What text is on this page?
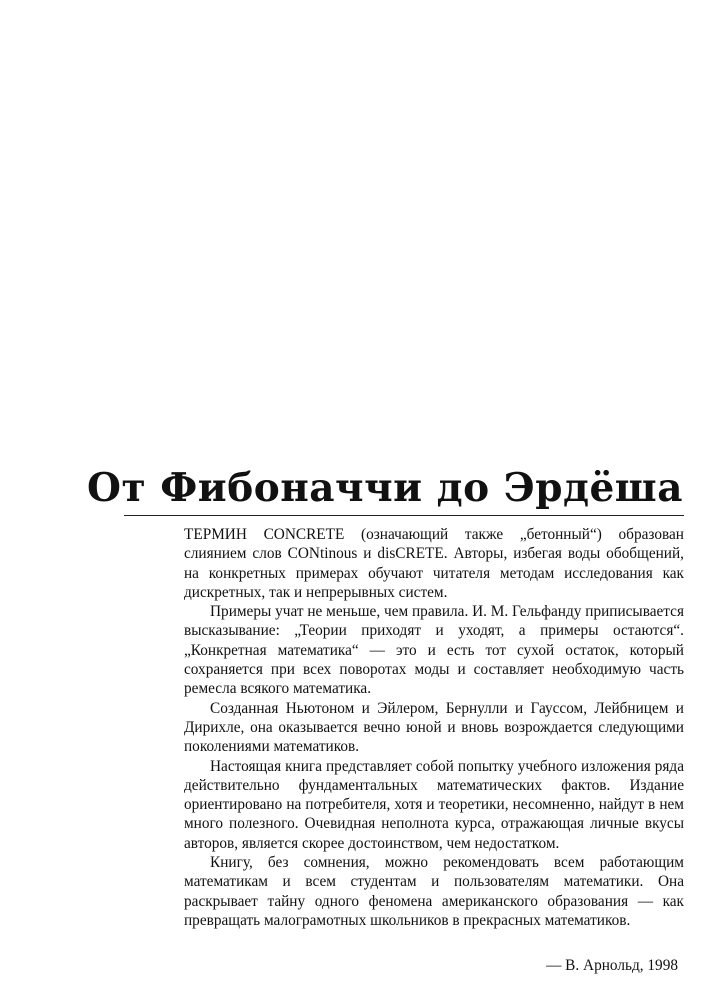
От Фибоначчи до Эрдёша

ТЕРМИН CONCRETE (означающий также „бетонный“) образован слиянием слов CONtinous и disCRETE. Авторы, избегая воды обобщений, на конкретных примерах обучают читателя методам исследования как дискретных, так и непрерывных систем.

Примеры учат не меньше, чем правила. И. М. Гельфанду приписывается высказывание: „Теории приходят и уходят, а примеры остаются“. „Конкретная математика“ — это и есть тот сухой остаток, который сохраняется при всех поворотах моды и составляет необходимую часть ремесла всякого математика.

Созданная Ньютоном и Эйлером, Бернулли и Гауссом, Лейбницем и Дирихле, она оказывается вечно юной и вновь возрождается следующими поколениями математиков.

Настоящая книга представляет собой попытку учебного изложения ряда действительно фундаментальных математических фактов. Издание ориентировано на потребителя, хотя и теоретики, несомненно, найдут в нем много полезного. Очевидная неполнота курса, отражающая личные вкусы авторов, является скорее достоинством, чем недостатком.

Книгу, без сомнения, можно рекомендовать всем работающим математикам и всем студентам и пользователям математики. Она раскрывает тайну одного феномена американского образования — как превращать малограмотных школьников в прекрасных математиков.

— В. Арнольд, 1998
